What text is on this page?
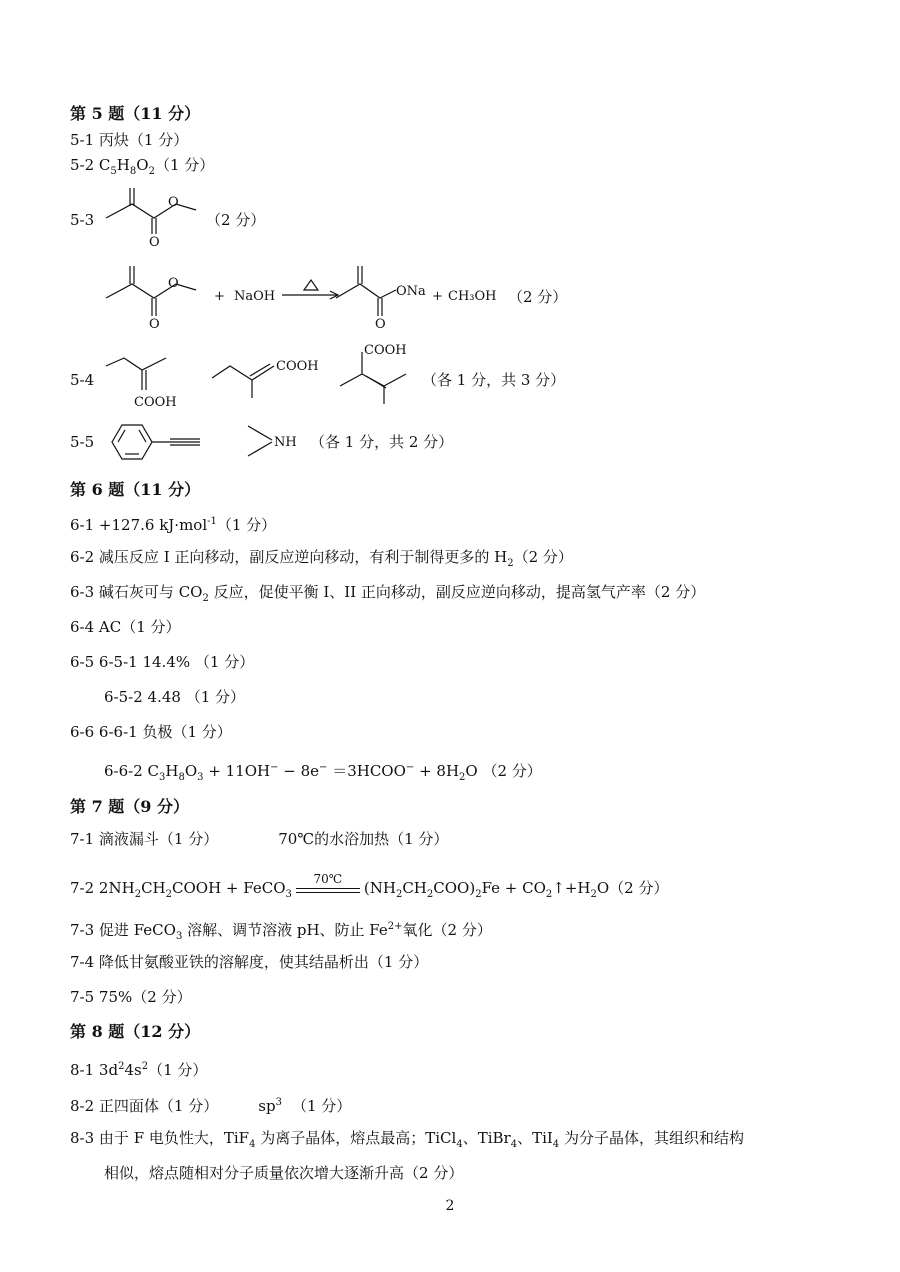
第 5 题（11 分）
5-1 丙炔（1 分）
5-2 $C_5H_8O_2(1$ 分）
5-3
O
O
（2 分）
O
O
+ NaOH	ONa
O
+ CH₃OH （2 分）
5-4
COOH
COOH
COOH
（各 1 分，共 3 分）
5-5	NH （各 1 分，共 2 分）
第 6 题（11 分）
6-1 +127.6 kJ·mol$^{-1}$（1 分）
6-2 减压反应 I 正向移动，副反应逆向移动，有利于制得更多的 $H_2(2$ 分）
6-3 碱石灰可与 $CO_2$ 反应，促使平衡 I、II 正向移动，副反应逆向移动，提高氢气产率（2 分）
6-4 AC（1 分）
6-5 6-5-1 14.4% （1 分）
6-5-2 4.48 （1 分）
6-6 6-6-1 负极（1 分）
6-6-2 $C_3H_8O_3 + 11OH^- - 8e^-$ ＝3HCOO− + $8H_2O$ （2 分）
第 7 题（9 分）
7-1 滴液漏斗（1 分）	70℃的水浴加热（1 分）
7-2 $2NH_2CH_2COOH$ + FeCO$_3$
70℃	$(NH_2CH_2COO)_2Fe$ + $CO_2↑+H_2O(2$ 分）
7-3 促进 FeCO$_3$ 溶解、调节溶液 pH、防止 $Fe^{2+}$氧化（2 分）
7-4 降低甘氨酸亚铁的溶解度，使其结晶析出（1 分）
7-5 75%（2 分）
第 8 题（12 分）
8-1 $3d^24s^2(1$ 分）
8-2 正四面体（1 分）	$sp^3$ （1 分）
8-3 由于 F 电负性大，TiF$_4$ 为离子晶体，熔点最高；TiCl$_4$、TiBr$_4$、TiI$_4$ 为分子晶体，其组织和结构
相似，熔点随相对分子质量依次增大逐渐升高（2 分）
2
